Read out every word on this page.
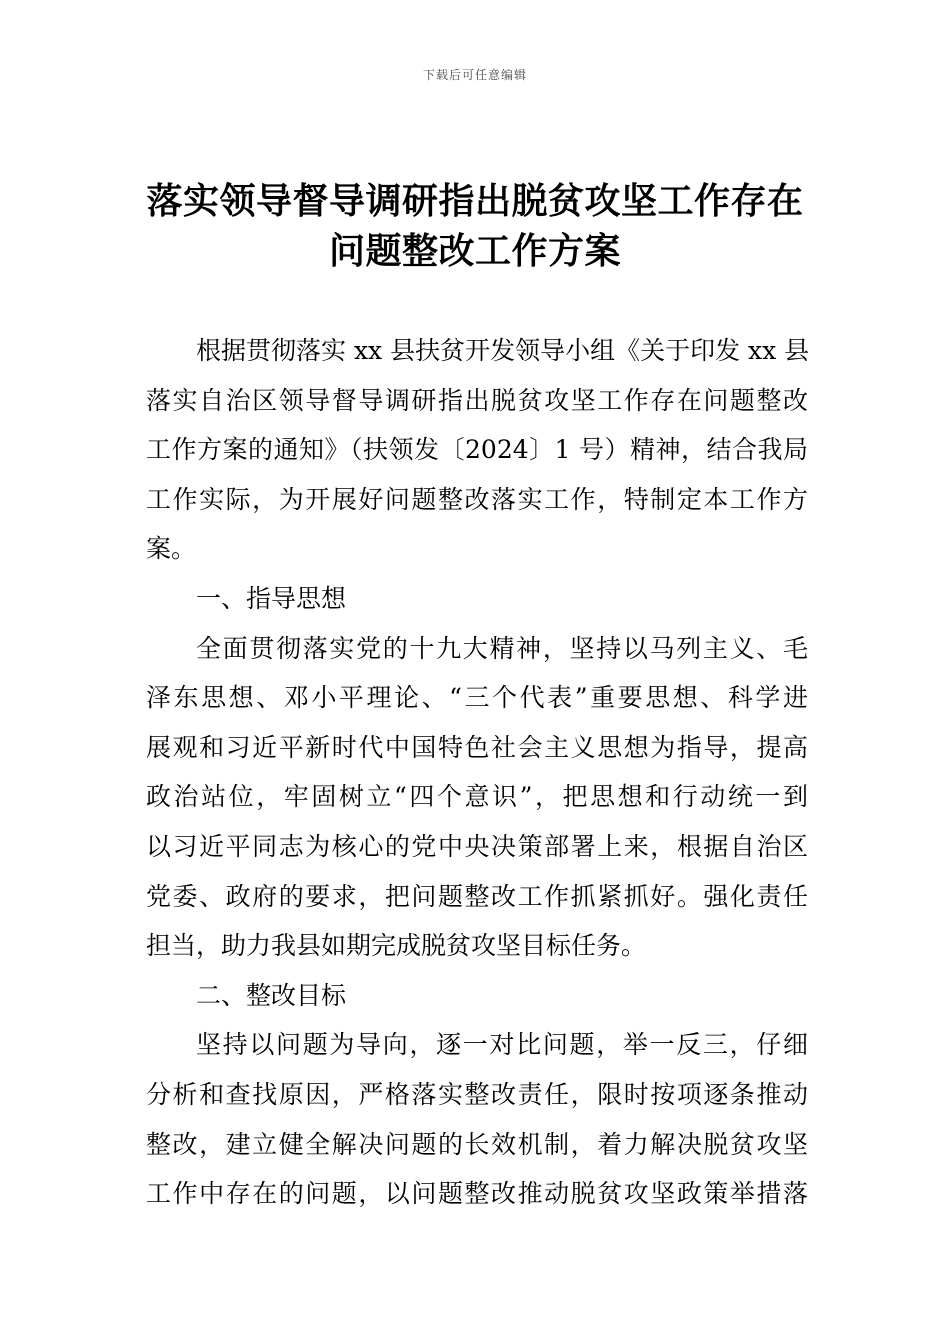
下载后可任意编辑
落实领导督导调研指出脱贫攻坚工作存在
问题整改工作方案

根据贯彻落实 xx 县扶贫开发领导小组《关于印发 xx 县
落实自治区领导督导调研指出脱贫攻坚工作存在问题整改
工作方案的通知》（扶领发〔2024〕1 号）精神，结合我局
工作实际，为开展好问题整改落实工作，特制定本工作方
案。

一、指导思想

全面贯彻落实党的十九大精神，坚持以马列主义、毛
泽东思想、邓小平理论、“三个代表”重要思想、科学进
展观和习近平新时代中国特色社会主义思想为指导，提高
政治站位，牢固树立“四个意识”，把思想和行动统一到
以习近平同志为核心的党中央决策部署上来，根据自治区
党委、政府的要求，把问题整改工作抓紧抓好。强化责任
担当，助力我县如期完成脱贫攻坚目标任务。

二、整改目标

坚持以问题为导向，逐一对比问题，举一反三，仔细
分析和查找原因，严格落实整改责任，限时按项逐条推动
整改，建立健全解决问题的长效机制，着力解决脱贫攻坚
工作中存在的问题，以问题整改推动脱贫攻坚政策举措落
